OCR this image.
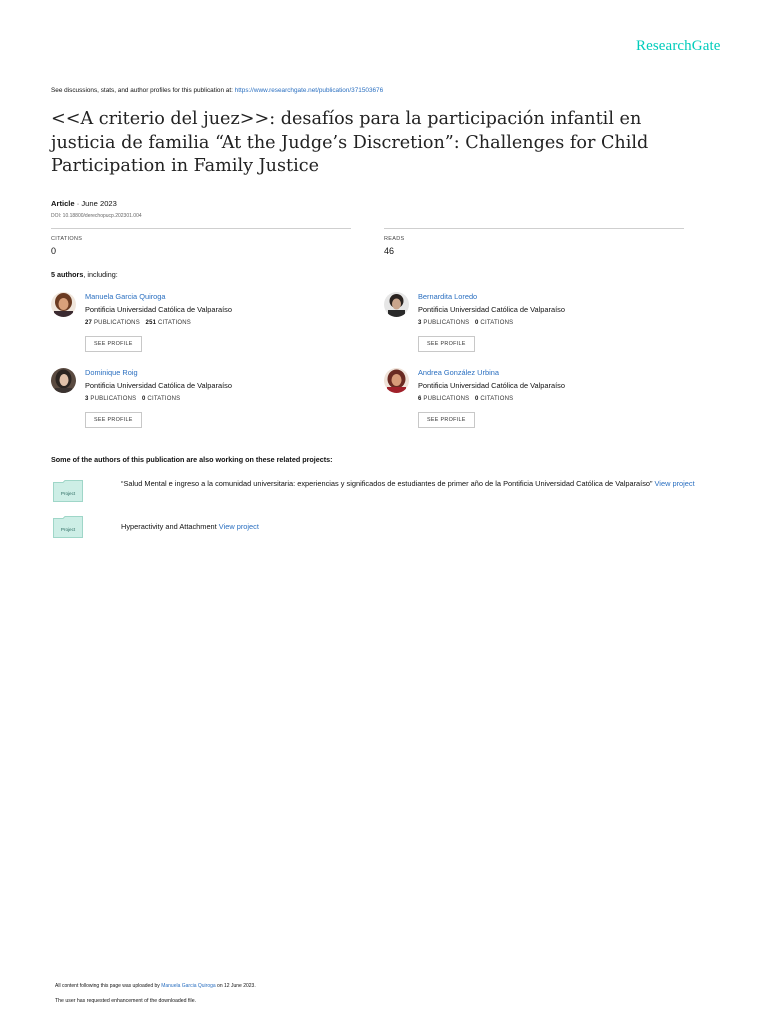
ResearchGate
See discussions, stats, and author profiles for this publication at: https://www.researchgate.net/publication/371503676
<<A criterio del juez>>: desafíos para la participación infantil en justicia de familia “At the Judge’s Discretion”: Challenges for Child Participation in Family Justice
Article · June 2023
DOI: 10.18800/derechopucp.202301.004
CITATIONS
0
READS
46
5 authors, including:
Manuela Garcia Quiroga
Pontificia Universidad Católica de Valparaíso
27 PUBLICATIONS 251 CITATIONS
SEE PROFILE
Bernardita Loredo
Pontificia Universidad Católica de Valparaíso
3 PUBLICATIONS 0 CITATIONS
SEE PROFILE
Dominique Roig
Pontificia Universidad Católica de Valparaíso
3 PUBLICATIONS 0 CITATIONS
SEE PROFILE
Andrea González Urbina
Pontificia Universidad Católica de Valparaíso
6 PUBLICATIONS 0 CITATIONS
SEE PROFILE
Some of the authors of this publication are also working on these related projects:
Project
“Salud Mental e ingreso a la comunidad universitaria: experiencias y significados de estudiantes de primer año de la Pontificia Universidad Católica de Valparaíso” View project
Project	Hyperactivity and Attachment View project
All content following this page was uploaded by Manuela Garcia Quiroga on 12 June 2023.
The user has requested enhancement of the downloaded file.
